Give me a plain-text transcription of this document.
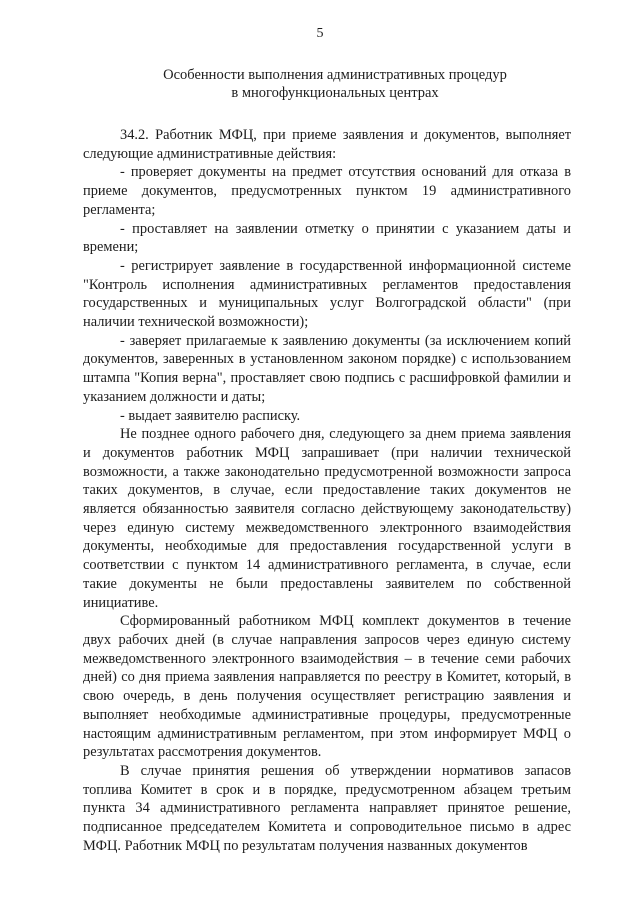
5
Особенности выполнения административных процедур
в многофункциональных центрах

34.2. Работник МФЦ, при приеме заявления и документов, выполняет следующие административные действия:

- проверяет документы на предмет отсутствия оснований для отказа в приеме документов, предусмотренных пунктом 19 административного регламента;

- проставляет на заявлении отметку о принятии с указанием даты и времени;

- регистрирует заявление в государственной информационной системе "Контроль исполнения административных регламентов предоставления государственных и муниципальных услуг Волгоградской области" (при наличии технической возможности);

- заверяет прилагаемые к заявлению документы (за исключением копий документов, заверенных в установленном законом порядке) с использованием штампа "Копия верна", проставляет свою подпись с расшифровкой фамилии и указанием должности и даты;

- выдает заявителю расписку.

Не позднее одного рабочего дня, следующего за днем приема заявления и документов работник МФЦ запрашивает (при наличии технической возможности, а также законодательно предусмотренной возможности запроса таких документов, в случае, если предоставление таких документов не является обязанностью заявителя согласно действующему законодательству) через единую систему межведомственного электронного взаимодействия документы, необходимые для предоставления государственной услуги в соответствии с пунктом 14 административного регламента, в случае, если такие документы не были предоставлены заявителем по собственной инициативе.

Сформированный работником МФЦ комплект документов в течение двух рабочих дней (в случае направления запросов через единую систему межведомственного электронного взаимодействия – в течение семи рабочих дней) со дня приема заявления направляется по реестру в Комитет, который, в свою очередь, в день получения осуществляет регистрацию заявления и выполняет необходимые административные процедуры, предусмотренные настоящим административным регламентом, при этом информирует МФЦ о результатах рассмотрения документов.

В случае принятия решения об утверждении нормативов запасов топлива Комитет в срок и в порядке, предусмотренном абзацем третьим пункта 34 административного регламента направляет принятое решение, подписанное председателем Комитета и сопроводительное письмо в адрес МФЦ. Работник МФЦ по результатам получения названных документов
